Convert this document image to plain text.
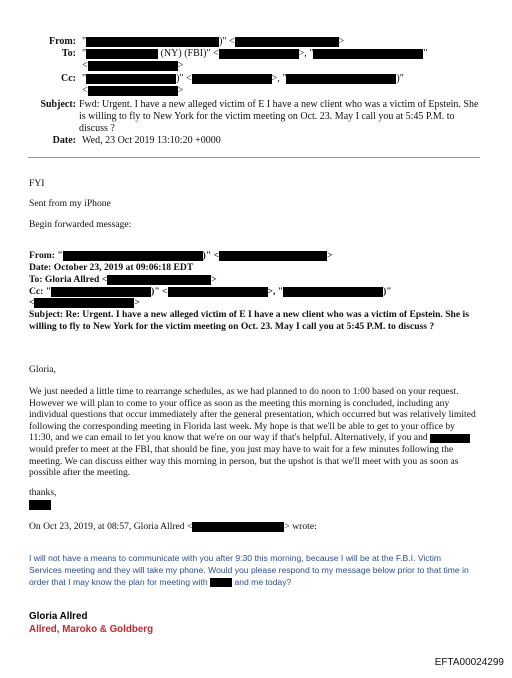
From: "	)" <	>
To: "	(NY) (FBI)" <	>, "	"
<	>
Cc: "	)" <	>, "	)"
<	>
Subject: Fwd: Urgent. I have a new alleged victim of E I have a new client who was a victim of Epstein. She is willing to fly to New York for the victim meeting on Oct. 23. May I call you at 5:45 P.M. to discuss ?
Date: Wed, 23 Oct 2019 13:10:20 +0000
FYI
Sent from my iPhone
Begin forwarded message:
From: "	)" <	>
Date: October 23, 2019 at 09:06:18 EDT
To: Gloria Allred <	>
Cc: "	)" <	>, "	)"
<	>
Subject: Re: Urgent. I have a new alleged victim of E I have a new client who was a victim of Epstein. She is willing to fly to New York for the victim meeting on Oct. 23. May I call you at 5:45 P.M. to discuss ?
Gloria,
We just needed a little time to rearrange schedules, as we had planned to do noon to 1:00 based on your request. However we will plan to come to your office as soon as the meeting this morning is concluded, including any individual questions that occur immediately after the general presentation, which occurred but was relatively limited following the corresponding meeting in Florida last week. My hope is that we'll be able to get to your office by 11:30, and we can email to let you know that we're on our way if that's helpful. Alternatively, if you and  would prefer to meet at the FBI, that should be fine, you just may have to wait for a few minutes following the meeting. We can discuss either way this morning in person, but the upshot is that we'll meet with you as soon as possible after the meeting.
thanks,
On Oct 23, 2019, at 08:57, Gloria Allred <	> wrote:
I will not have a means to communicate with you after 9:30 this morning, because I will be at the F.B.I. Victim Services meeting and they will take my phone. Would you please respond to my message below prior to that time in order that I may know the plan for meeting with	and me today?
Gloria Allred
Allred, Maroko & Goldberg
EFTA00024299
